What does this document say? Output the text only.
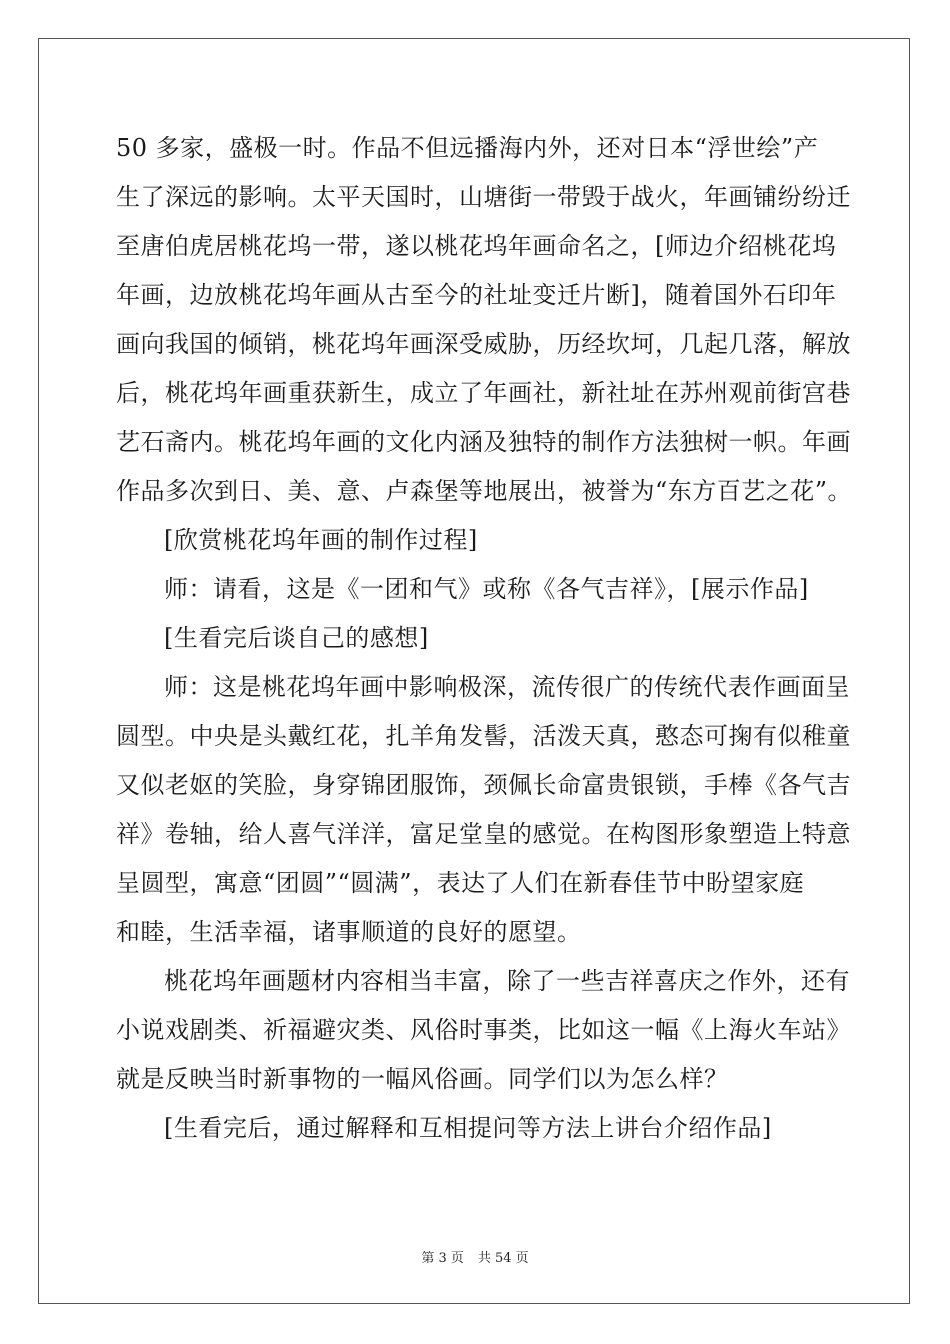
50 多家，盛极一时。作品不但远播海内外，还对日本“浮世绘”产
生了深远的影响。太平天国时，山塘街一带毁于战火，年画铺纷纷迁
至唐伯虎居桃花坞一带，遂以桃花坞年画命名之，[师边介绍桃花坞
年画，边放桃花坞年画从古至今的社址变迁片断]，随着国外石印年
画向我国的倾销，桃花坞年画深受威胁，历经坎坷，几起几落，解放
后，桃花坞年画重获新生，成立了年画社，新社址在苏州观前街宫巷
艺石斋内。桃花坞年画的文化内涵及独特的制作方法独树一帜。年画
作品多次到日、美、意、卢森堡等地展出，被誉为“东方百艺之花”。
[欣赏桃花坞年画的制作过程]
师：请看，这是《一团和气》或称《各气吉祥》，[展示作品]
[生看完后谈自己的感想]
师：这是桃花坞年画中影响极深，流传很广的传统代表作画面呈
圆型。中央是头戴红花，扎羊角发髻，活泼天真，憨态可掬有似稚童
又似老妪的笑脸，身穿锦团服饰，颈佩长命富贵银锁，手棒《各气吉
祥》卷轴，给人喜气洋洋，富足堂皇的感觉。在构图形象塑造上特意
呈圆型，寓意“团圆”“圆满”，表达了人们在新春佳节中盼望家庭
和睦，生活幸福，诸事顺道的良好的愿望。
桃花坞年画题材内容相当丰富，除了一些吉祥喜庆之作外，还有
小说戏剧类、祈福避灾类、风俗时事类，比如这一幅《上海火车站》
就是反映当时新事物的一幅风俗画。同学们以为怎么样？
[生看完后，通过解释和互相提问等方法上讲台介绍作品]
第 3 页 共 54 页
